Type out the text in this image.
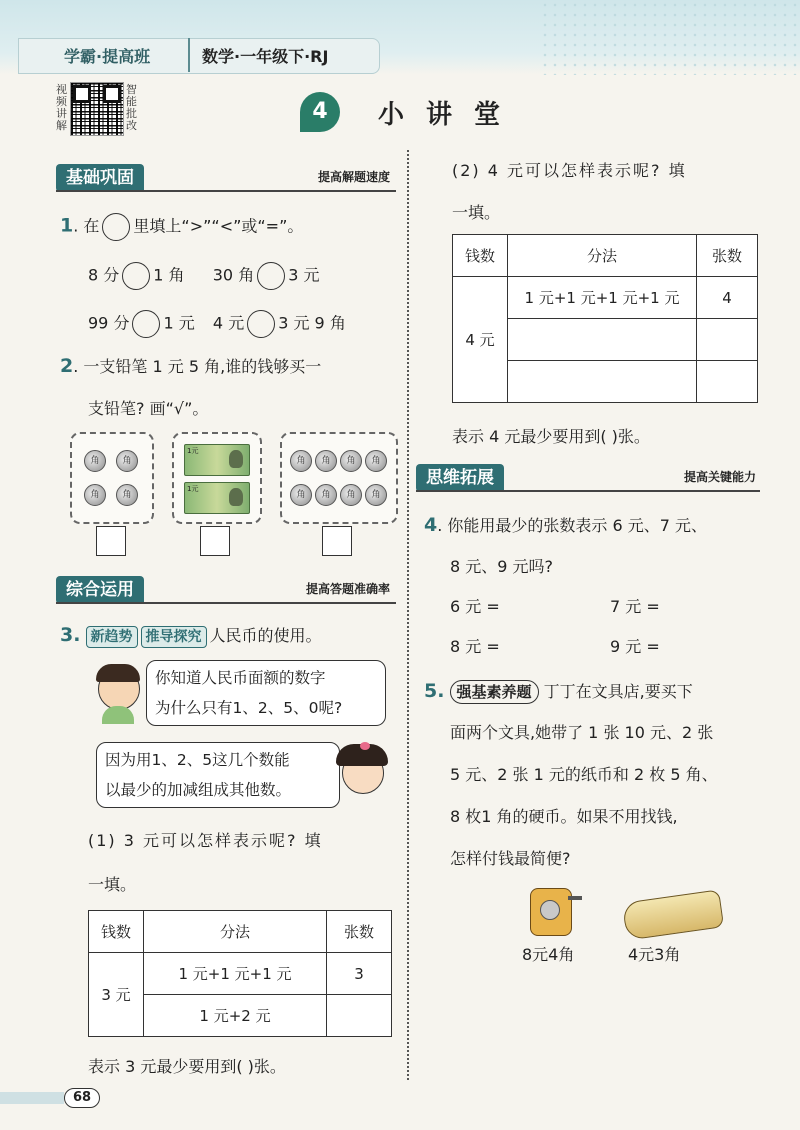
学霸·提高班	数学·一年级下·RJ
视频讲解
智能批改
4	小讲堂
基础巩固	提高解题速度
1. 在 里填上“>”“<”或“=”。
8 分 1 角 30 角 3 元
99 分 1 元 4 元 3 元 9 角
2. 一支铅笔 1 元 5 角,谁的钱够买一
支铅笔? 画“√”。
角	角
角	角
1元
1元
角	角	角	角
角	角	角	角
综合运用	提高答题准确率
3. 新趋势 推导探究 人民币的使用。
你知道人民币面额的数字
为什么只有1、2、5、0呢?
因为用1、2、5这几个数能
以最少的加减组成其他数。
(1) 3 元可以怎样表示呢? 填
一填。
钱数	分法	张数
3 元	1 元+1 元+1 元	3
	1 元+2 元	
表示 3 元最少要用到( )张。
(2) 4 元可以怎样表示呢? 填
一填。
钱数	分法	张数
4 元	1 元+1 元+1 元+1 元	4

表示 4 元最少要用到( )张。
思维拓展	提高关键能力
4. 你能用最少的张数表示 6 元、7 元、
8 元、9 元吗?
6 元 =	7 元 =
8 元 =	9 元 =
5. 强基素养题 丁丁在文具店,要买下
面两个文具,她带了 1 张 10 元、2 张
5 元、2 张 1 元的纸币和 2 枚 5 角、
8 枚1 角的硬币。如果不用找钱,
怎样付钱最简便?
8元4角	4元3角
68
